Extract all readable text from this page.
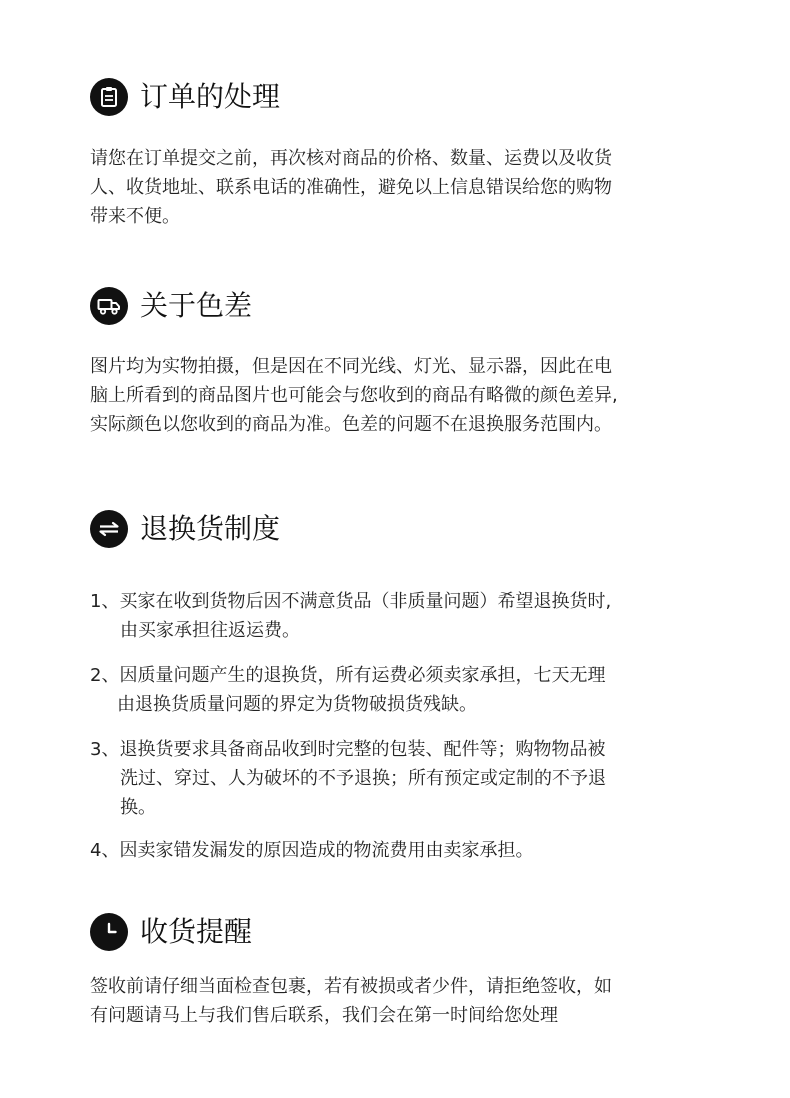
订单的处理
请您在订单提交之前，再次核对商品的价格、数量、运费以及收货
人、收货地址、联系电话的准确性，避免以上信息错误给您的购物
带来不便。
关于色差
图片均为实物拍摄，但是因在不同光线、灯光、显示器，因此在电
脑上所看到的商品图片也可能会与您收到的商品有略微的颜色差异,
实际颜色以您收到的商品为准。色差的问题不在退换服务范围内。
退换货制度
1、买家在收到货物后因不满意货品（非质量问题）希望退换货时,
由买家承担往返运费。
2、因质量问题产生的退换货，所有运费必须卖家承担，七天无理
由退换货质量问题的界定为货物破损货残缺。
3、退换货要求具备商品收到时完整的包装、配件等；购物物品被
洗过、穿过、人为破坏的不予退换；所有预定或定制的不予退
换。
4、因卖家错发漏发的原因造成的物流费用由卖家承担。
收货提醒
签收前请仔细当面检查包裹，若有被损或者少件，请拒绝签收，如
有问题请马上与我们售后联系，我们会在第一时间给您处理
